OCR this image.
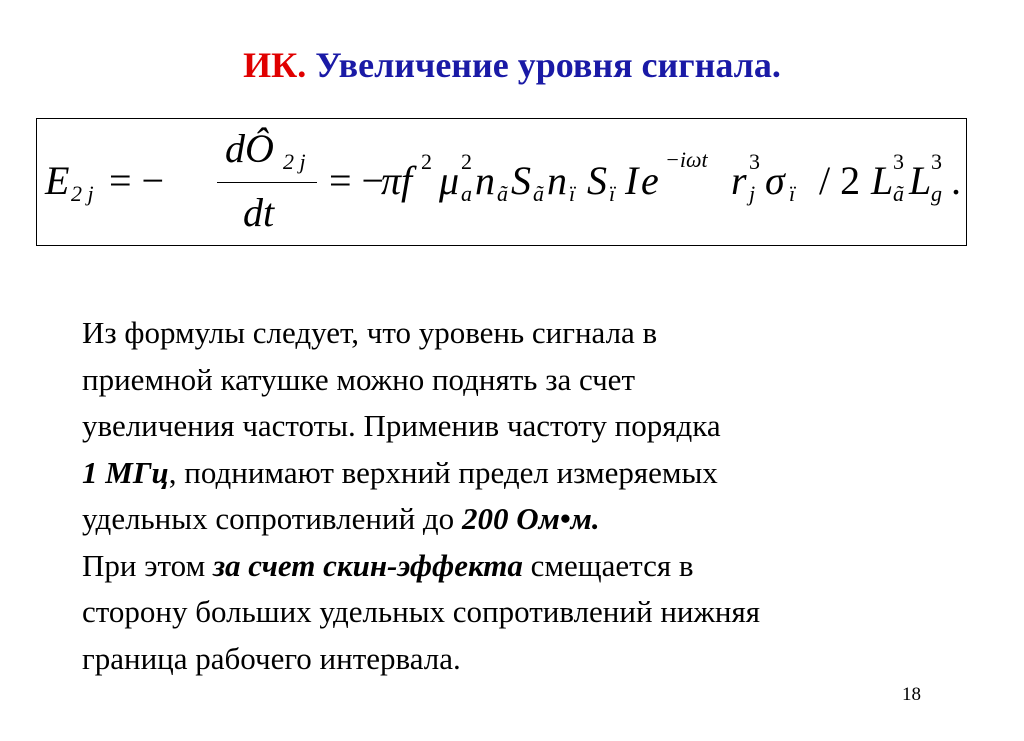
ИК. Увеличение уровня сигнала.
E 2 j = −
dÔ 2 j
dt
= −
π f 2 μ 2
a n ã S ã n ï S ï I e −iωt r 3
j σ ï / 2 L 3
ã L 3
g .
Из формулы следует, что уровень сигнала в
приемной катушке можно поднять за счет
увеличения частоты. Применив частоту порядка
1 МГц, поднимают верхний предел измеряемых
удельных сопротивлений до 200 Ом•м.
При этом за счет скин-эффекта смещается в
сторону больших удельных сопротивлений нижняя
граница рабочего интервала.
18
